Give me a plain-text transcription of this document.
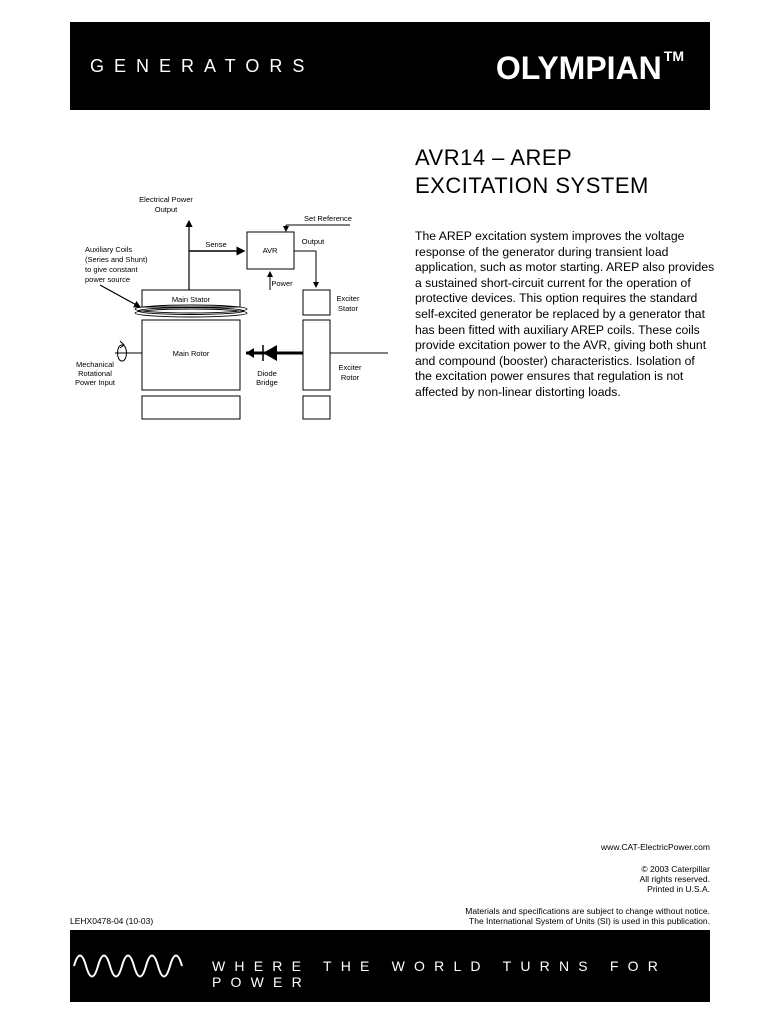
GENERATORS	OLYMPIAN ™
AVR14 – AREP
EXCITATION SYSTEM

The AREP excitation system improves the voltage response of the generator during transient load application, such as motor starting. AREP also provides a sustained short-circuit current for the operation of protective devices. This option requires the standard self-excited generator be replaced by a generator that has been fitted with auxiliary AREP coils. These coils provide excitation power to the AVR, giving both shunt and compound (booster) characteristics. Isolation of the excitation power ensures that regulation is not affected by non-linear distorting loads.

Electrical Power
Output
Set Reference
Sense
AVR
Output
Power
Auxiliary Coils
(Series and Shunt)
to give constant
power source
Main Stator	Exciter
Stator
Main Rotor
Exciter
Rotor
Mechanical
Rotational
Power Input
Diode
Bridge
www.CAT-ElectricPower.com
© 2003 Caterpillar
All rights reserved.
Printed in U.S.A.
Materials and specifications are subject to change without notice.
The International System of Units (SI) is used in this publication.
LEHX0478-04 (10-03)
WHERE THE WORLD TURNS FOR POWER
